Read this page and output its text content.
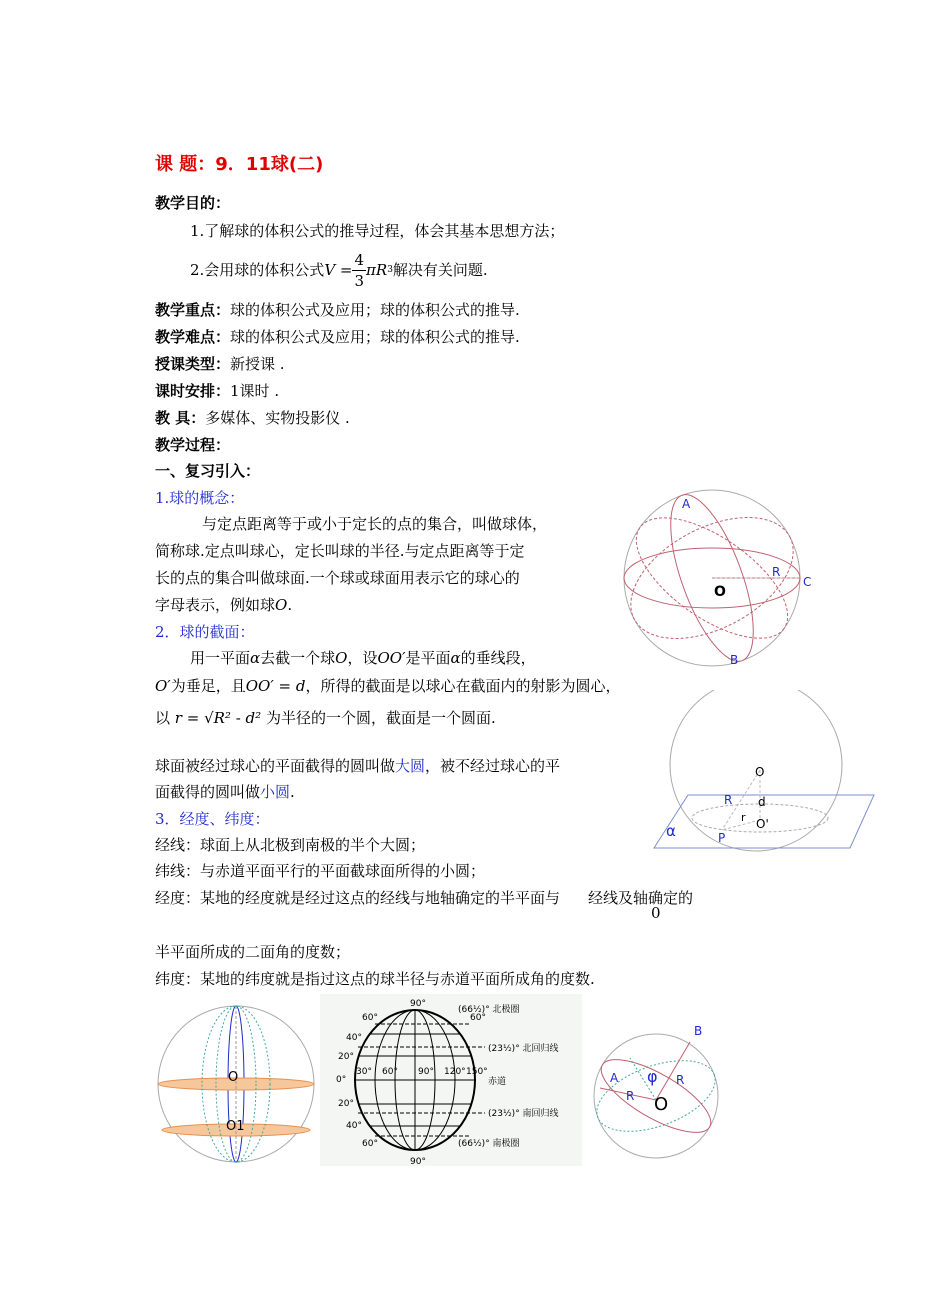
课 题：9．11球(二)
教学目的：
1.了解球的体积公式的推导过程，体会其基本思想方法；
2.会用球的体积公式 $V = \frac{4}{3}$ πR 3 解决有关问题.
教学重点：球的体积公式及应用；球的体积公式的推导.
教学难点：球的体积公式及应用；球的体积公式的推导.
授课类型：新授课 .
课时安排：1课时 .
教 具：多媒体、实物投影仪 .
教学过程：
一、复习引入：
1.球的概念：
与定点距离等于或小于定长的点的集合，叫做球体，
简称球.定点叫球心，定长叫球的半径.与定点距离等于定
长的点的集合叫做球面.一个球或球面用表示它的球心的
字母表示，例如球O.
2．球的截面：
用一平面α去截一个球O，设OO′是平面α的垂线段，
O′为垂足，且OO′ = d，所得的截面是以球心在截面内的射影为圆心，
以 r = √R² - d² 为半径的一个圆，截面是一个圆面.
球面被经过球心的平面截得的圆叫做大圆，被不经过球心的平
面截得的圆叫做小圆.
3．经度、纬度：
经线：球面上从北极到南极的半个大圆；
纬线：与赤道平面平行的平面截球面所得的小圆；
经度：某地的经度就是经过这点的经线与地轴确定的半平面与 经线及轴确定的
0
半平面所成的二面角的度数；
纬度：某地的纬度就是指过这点的球半径与赤道平面所成角的度数.
A
R
C
O
B
O
R d
r O'
α	P
O
O1
90°
60°
40°
20°
0°
20°
40°
60°
90°
30° 60° 90° 120° 150°
60°
(66½)° 北极圈
(23½)° 北回归线
赤道
(23½)° 南回归线
(66½)° 南极圈
B
A φ R
R O
